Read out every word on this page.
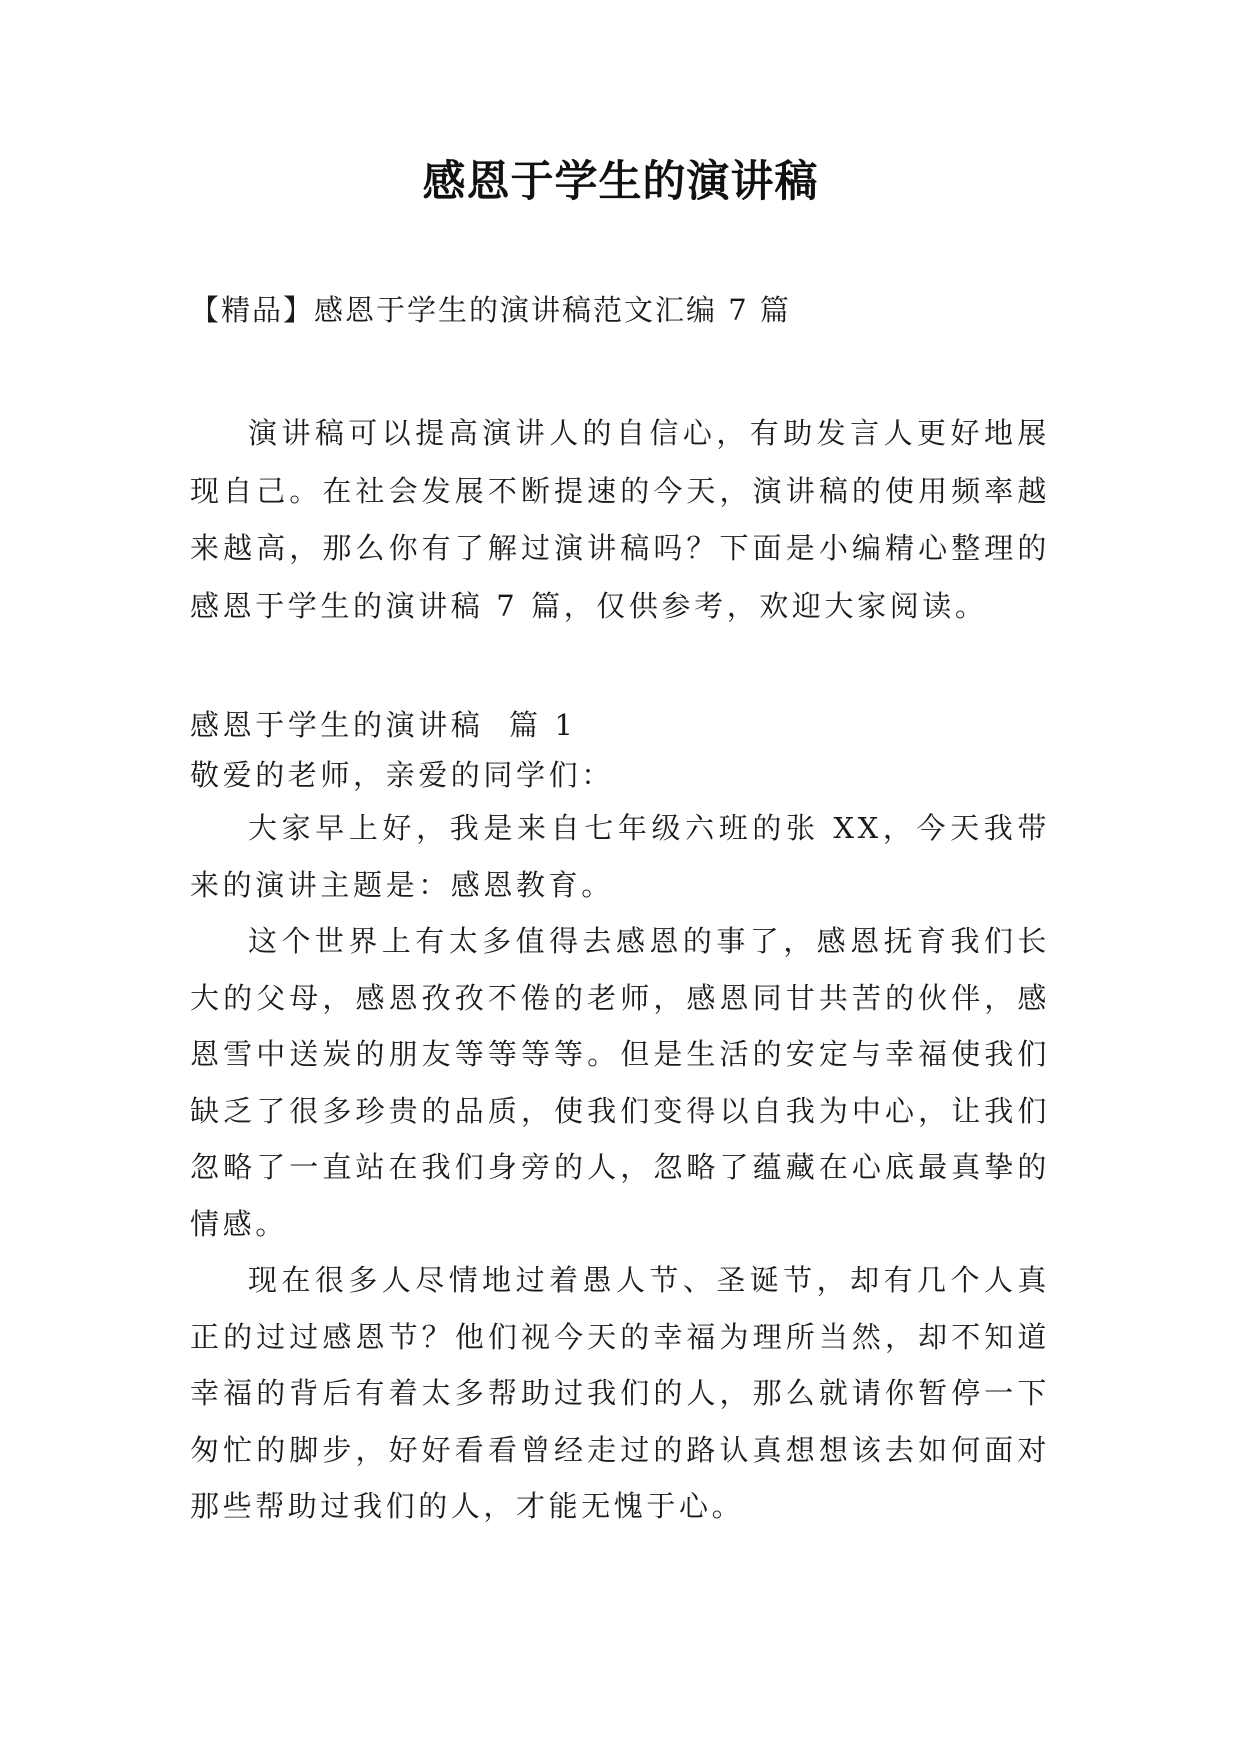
感恩于学生的演讲稿
【精品】感恩于学生的演讲稿范文汇编 7 篇

演讲稿可以提高演讲人的自信心，有助发言人更好地展现自己。在社会发展不断提速的今天，演讲稿的使用频率越来越高，那么你有了解过演讲稿吗？下面是小编精心整理的感恩于学生的演讲稿 7 篇，仅供参考，欢迎大家阅读。

感恩于学生的演讲稿  篇 1

敬爱的老师，亲爱的同学们：

大家早上好，我是来自七年级六班的张 XX，今天我带来的演讲主题是：感恩教育。

这个世界上有太多值得去感恩的事了，感恩抚育我们长大的父母，感恩孜孜不倦的老师，感恩同甘共苦的伙伴，感恩雪中送炭的朋友等等等等。但是生活的安定与幸福使我们缺乏了很多珍贵的品质，使我们变得以自我为中心，让我们忽略了一直站在我们身旁的人，忽略了蕴藏在心底最真挚的情感。

现在很多人尽情地过着愚人节、圣诞节，却有几个人真正的过过感恩节？他们视今天的幸福为理所当然，却不知道幸福的背后有着太多帮助过我们的人，那么就请你暂停一下匆忙的脚步，好好看看曾经走过的路认真想想该去如何面对那些帮助过我们的人，才能无愧于心。
